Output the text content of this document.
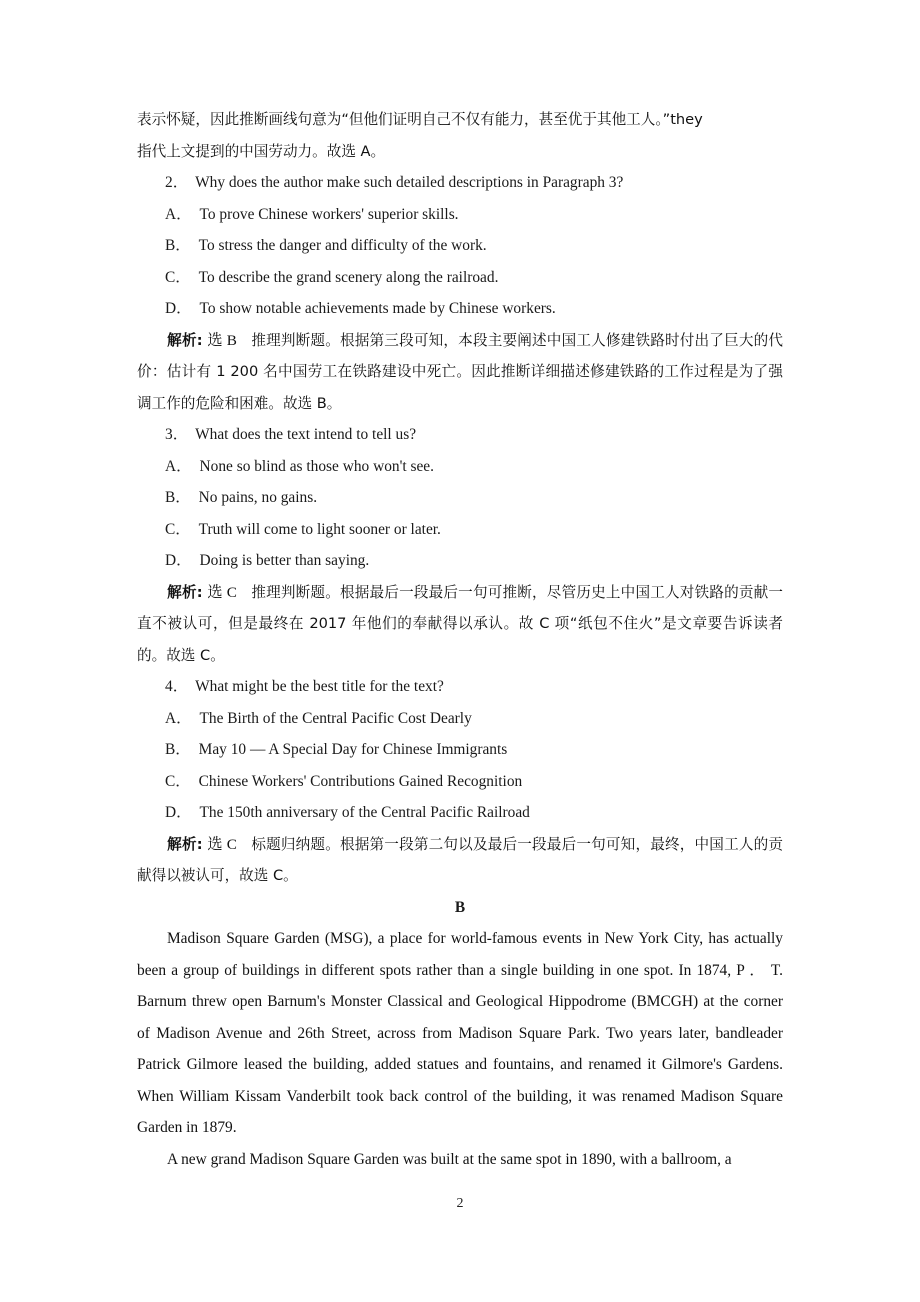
表示怀疑，因此推断画线句意为“但他们证明自己不仅有能力，甚至优于其他工人。”they
指代上文提到的中国劳动力。故选 A。
2． Why does the author make such detailed descriptions in Paragraph 3?
A． To prove Chinese workers' superior skills.
B． To stress the danger and difficulty of the work.
C． To describe the grand scenery along the railroad.
D． To show notable achievements made by Chinese workers.
解析: 选 B 推理判断题。根据第三段可知，本段主要阐述中国工人修建铁路时付出了巨大的代价：估计有 1 200 名中国劳工在铁路建设中死亡。因此推断详细描述修建铁路的工作过程是为了强调工作的危险和困难。故选 B。
3． What does the text intend to tell us?
A． None so blind as those who won't see.
B． No pains, no gains.
C． Truth will come to light sooner or later.
D． Doing is better than saying.
解析: 选 C 推理判断题。根据最后一段最后一句可推断，尽管历史上中国工人对铁路的贡献一直不被认可，但是最终在 2017 年他们的奉献得以承认。故 C 项“纸包不住火”是文章要告诉读者的。故选 C。
4． What might be the best title for the text?
A． The Birth of the Central Pacific Cost Dearly
B． May 10 — A Special Day for Chinese Immigrants
C． Chinese Workers' Contributions Gained Recognition
D． The 150th anniversary of the Central Pacific Railroad
解析: 选 C 标题归纳题。根据第一段第二句以及最后一段最后一句可知，最终，中国工人的贡献得以被认可，故选 C。
B
Madison Square Garden (MSG), a place for world-famous events in New York City, has actually been a group of buildings in different spots rather than a single building in one spot. In 1874, P ． T. Barnum threw open Barnum's Monster Classical and Geological Hippodrome (BMCGH) at the corner of Madison Avenue and 26th Street, across from Madison Square Park. Two years later, bandleader Patrick Gilmore leased the building, added statues and fountains, and renamed it Gilmore's Gardens. When William Kissam Vanderbilt took back control of the building, it was renamed Madison Square Garden in 1879.
A new grand Madison Square Garden was built at the same spot in 1890, with a ballroom, a
2
